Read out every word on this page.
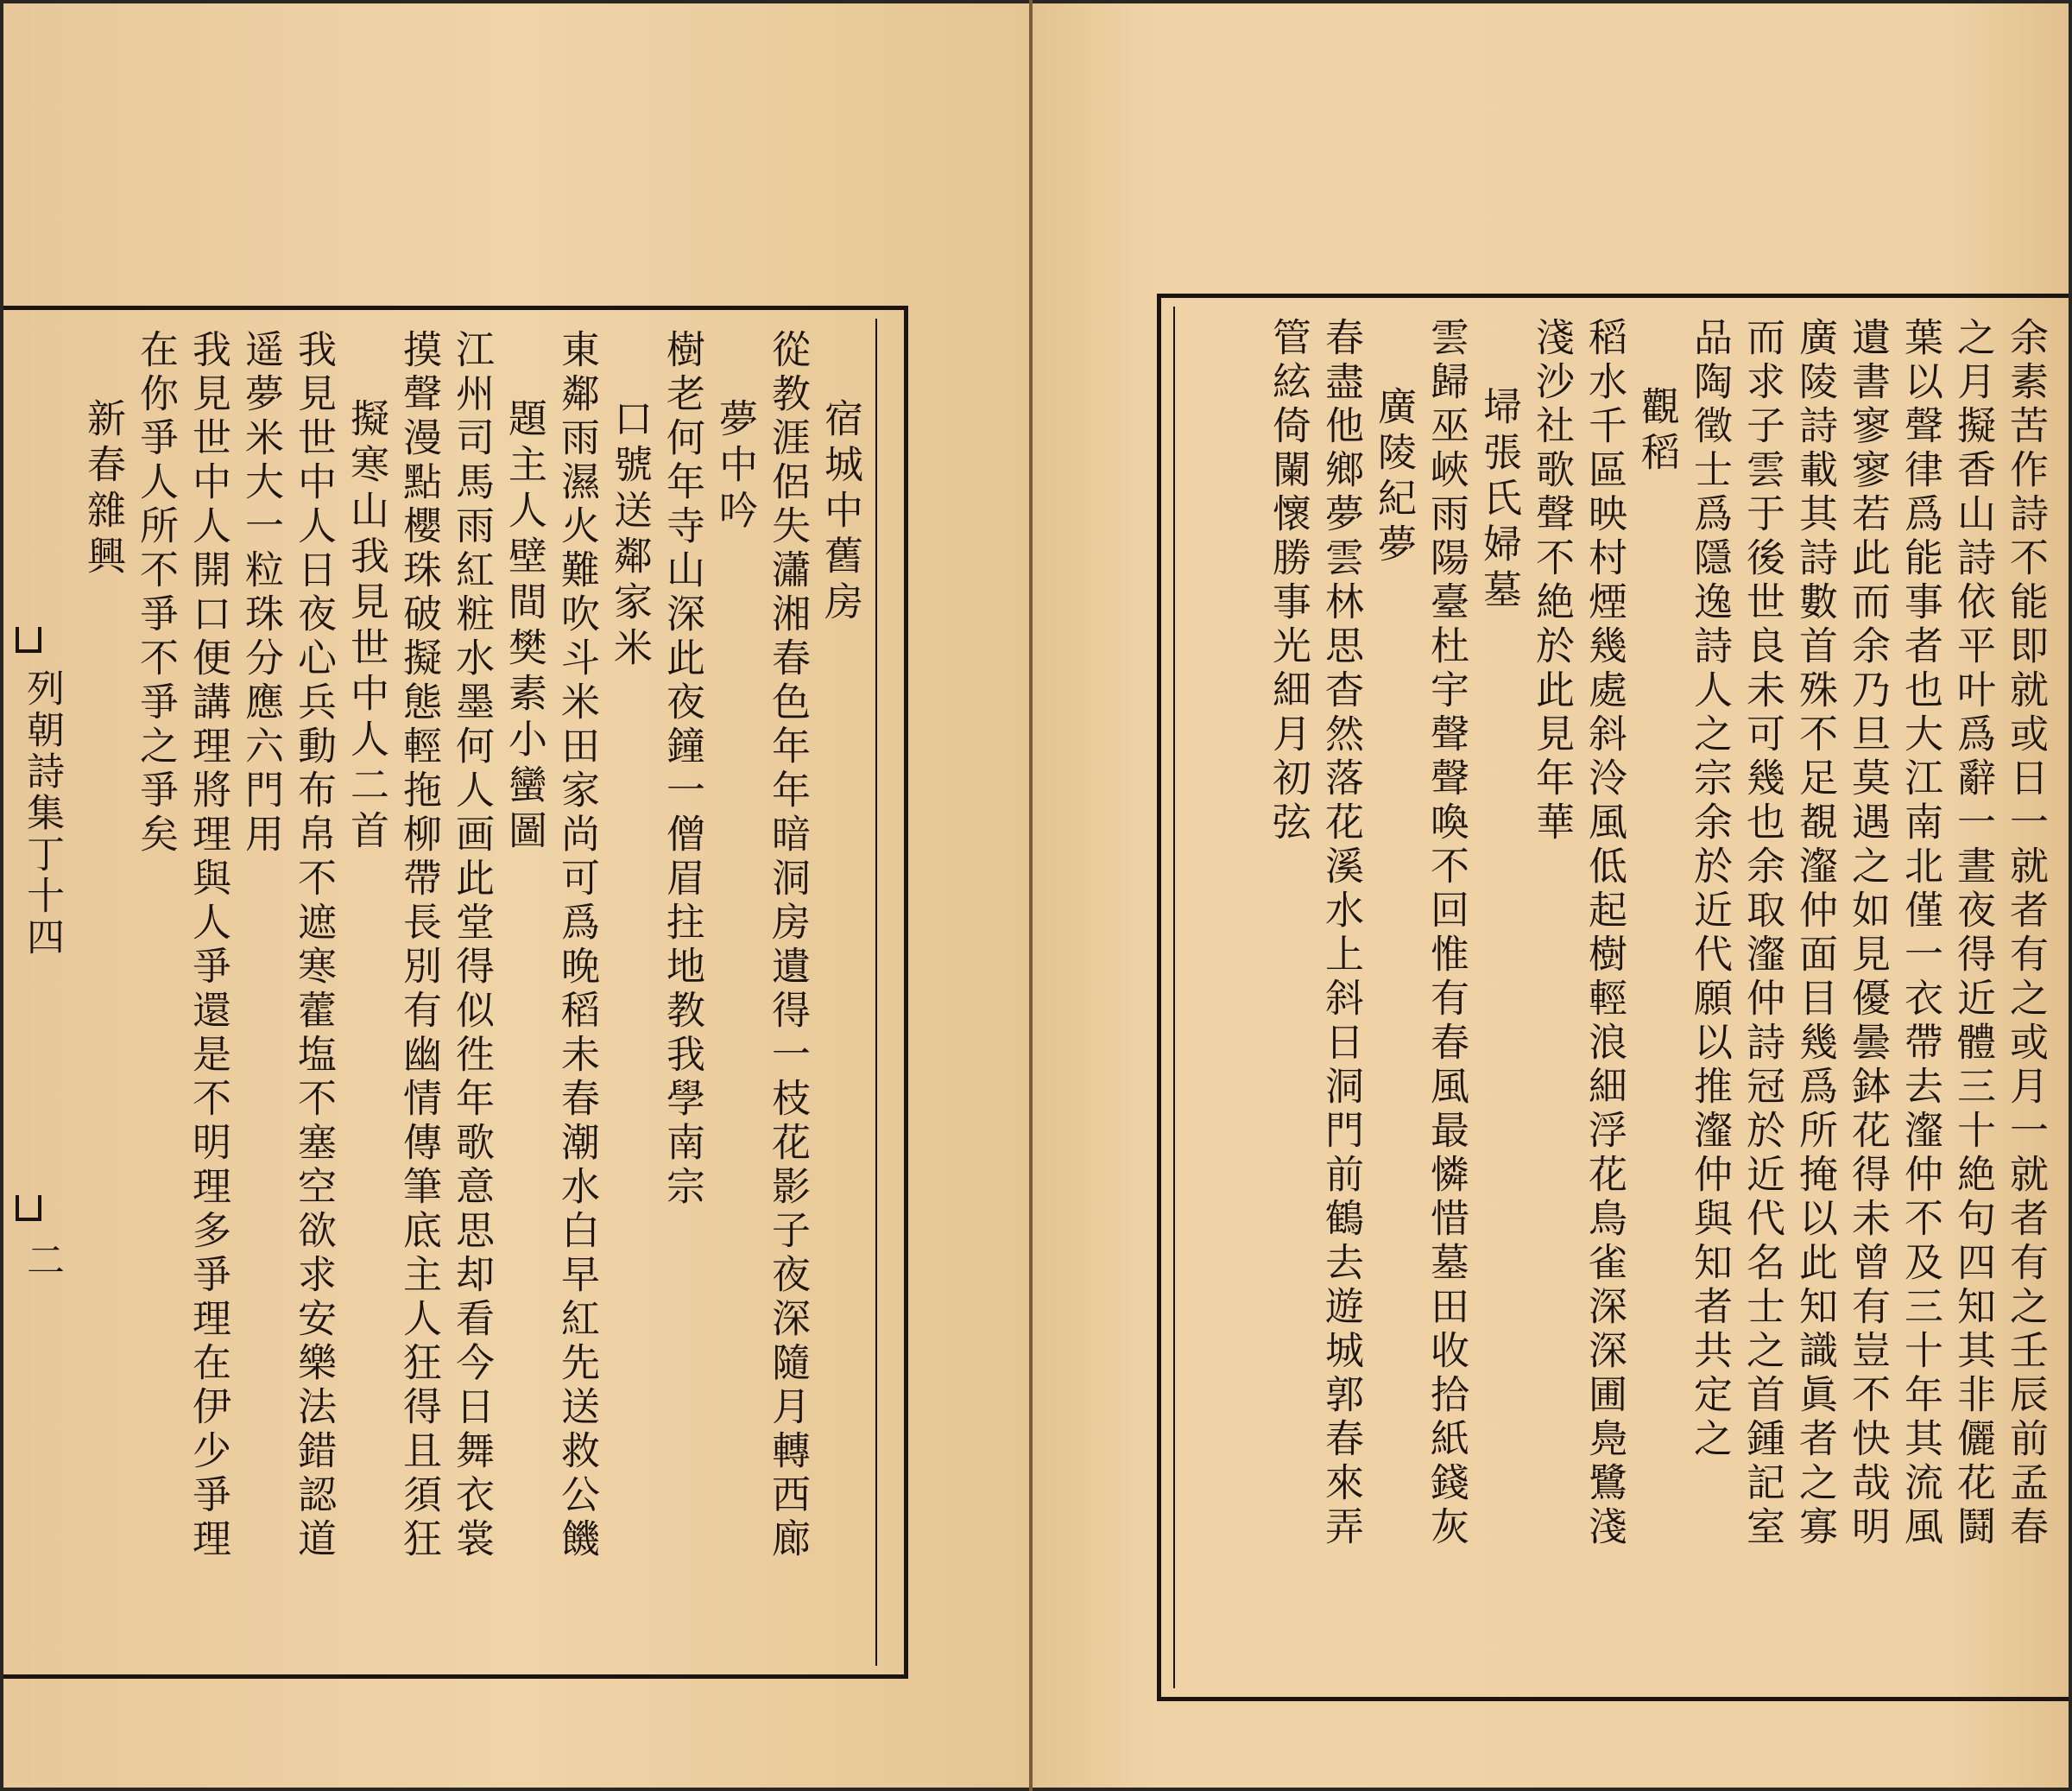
列朝詩集丁十四
二
宿城中舊房
從教涯侶失瀟湘春色年年暗洞房遺得一枝花影子夜深隨月轉西廊
夢中吟
樹老何年寺山深此夜鐘一僧眉拄地教我學南宗
口號送鄰家米
東鄰雨濕火難吹斗米田家尚可爲晚稻未春潮水白早紅先送救公饑
題主人壁間樊素小蠻圖
江州司馬雨紅粧水墨何人画此堂得似徃年歌意思却看今日舞衣裳
摸聲漫點櫻珠破擬態輕拖柳帶長別有幽情傳筆底主人狂得且須狂
擬寒山我見世中人二首
我見世中人日夜心兵動布帛不遮寒藿塩不塞空欲求安樂法錯認道
遥夢米大一粒珠分應六門用
我見世中人開口便講理將理與人爭還是不明理多爭理在伊少爭理
在你爭人所不爭不爭之爭矣
新春雜興	余素苦作詩不能即就或日一就者有之或月一就者有之壬辰前孟春
之月擬香山詩依平叶爲辭一晝夜得近體三十絶句四知其非儷花鬪
葉以聲律爲能事者也大江南北僅一衣帶去瀣仲不及三十年其流風
遺書寥寥若此而余乃旦莫遇之如見優曇鉢花得未曾有豈不快哉明
廣陵詩載其詩數首殊不足覩瀣仲面目幾爲所掩以此知識眞者之寡
而求子雲于後世良未可幾也余取瀣仲詩冠於近代名士之首鍾記室
品陶徵士爲隱逸詩人之宗余於近代願以推瀣仲與知者共定之
觀稻
稻水千區映村煙幾處斜泠風低起樹輕浪細浮花鳥雀深深圃鳧鷺淺
淺沙社歌聲不絶於此見年華
埽張氏婦墓
雲歸巫峽雨陽臺杜宇聲聲喚不回惟有春風最憐惜墓田收拾紙錢灰
廣陵紀夢
春盡他鄉夢雲林思杳然落花溪水上斜日洞門前鶴去遊城郭春來弄
管絃倚闌懷勝事光細月初弦
